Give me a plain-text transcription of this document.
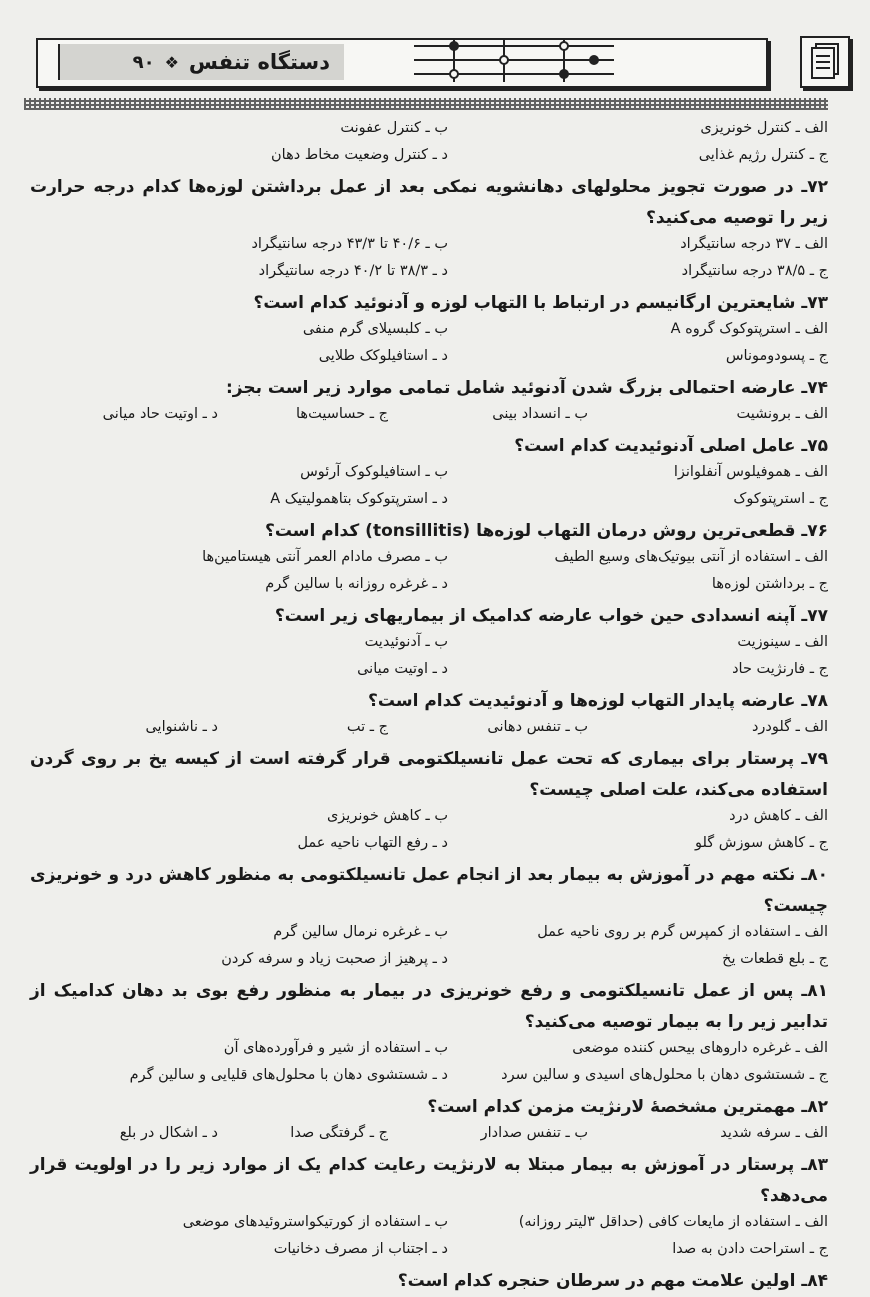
دستگاه تنفس
❖
۹۰
الف ـ کنترل خونریزی
ب ـ کنترل عفونت
ج ـ کنترل رژیم غذایی
د ـ کنترل وضعیت مخاط دهان

۷۲ـ در صورت تجویز محلولهای دهانشویه نمکی بعد از عمل برداشتن لوزه‌ها کدام درجه حرارت زیر را توصیه می‌کنید؟

الف ـ ۳۷ درجه سانتیگراد
ب ـ ۴۰/۶ تا ۴۳/۳ درجه سانتیگراد
ج ـ ۳۸/۵ درجه سانتیگراد
د ـ ۳۸/۳ تا ۴۰/۲ درجه سانتیگراد

۷۳ـ شایعترین ارگانیسم در ارتباط با التهاب لوزه و آدنوئید کدام است؟

الف ـ استرپتوکوک گروه A
ب ـ کلبسیلای گرم منفی
ج ـ پسودوموناس
د ـ استافیلوکک طلایی

۷۴ـ عارضه احتمالی بزرگ شدن آدنوئید شامل تمامی موارد زیر است بجز:

الف ـ برونشیت
ب ـ انسداد بینی
ج ـ حساسیت‌ها
د ـ اوتیت حاد میانی

۷۵ـ عامل اصلی آدنوئیدیت کدام است؟

الف ـ هموفیلوس آنفلوانزا
ب ـ استافیلوکوک آرئوس
ج ـ استرپتوکوک
د ـ استرپتوکوک بتاهمولیتیک A

۷۶ـ قطعی‌ترین روش درمان التهاب لوزه‌ها (tonsillitis) کدام است؟

الف ـ استفاده از آنتی بیوتیک‌های وسیع الطیف
ب ـ مصرف مادام العمر آنتی هیستامین‌ها
ج ـ برداشتن لوزه‌ها
د ـ غرغره روزانه با سالین گرم

۷۷ـ آپنه انسدادی حین خواب عارضه کدامیک از بیماریهای زیر است؟

الف ـ سینوزیت
ب ـ آدنوئیدیت
ج ـ فارنژیت حاد
د ـ اوتیت میانی

۷۸ـ عارضه پایدار التهاب لوزه‌ها و آدنوئیدیت کدام است؟

الف ـ گلودرد
ب ـ تنفس دهانی
ج ـ تب
د ـ ناشنوایی

۷۹ـ پرستار برای بیماری که تحت عمل تانسیلکتومی قرار گرفته است از کیسه یخ بر روی گردن استفاده می‌کند، علت اصلی چیست؟

الف ـ کاهش درد
ب ـ کاهش خونریزی
ج ـ کاهش سوزش گلو
د ـ رفع التهاب ناحیه عمل

۸۰ـ نکته مهم در آموزش به بیمار بعد از انجام عمل تانسیلکتومی به منظور کاهش درد و خونریزی چیست؟

الف ـ استفاده از کمپرس گرم بر روی ناحیه عمل
ب ـ غرغره نرمال سالین گرم
ج ـ بلع قطعات یخ
د ـ پرهیز از صحبت زیاد و سرفه کردن

۸۱ـ پس از عمل تانسیلکتومی و رفع خونریزی در بیمار به منظور رفع بوی بد دهان کدامیک از تدابیر زیر را به بیمار توصیه می‌کنید؟

الف ـ غرغره داروهای بیحس کننده موضعی
ب ـ استفاده از شیر و فرآورده‌های آن
ج ـ شستشوی دهان با محلول‌های اسیدی و سالین سرد
د ـ شستشوی دهان با محلول‌های قلیایی و سالین گرم

۸۲ـ مهمترین مشخصهٔ لارنژیت مزمن کدام است؟

الف ـ سرفه شدید
ب ـ تنفس صدادار
ج ـ گرفتگی صدا
د ـ اشکال در بلع

۸۳ـ پرستار در آموزش به بیمار مبتلا به لارنژیت رعایت کدام یک از موارد زیر را در اولویت قرار می‌دهد؟

الف ـ استفاده از مایعات کافی (حداقل ۳لیتر روزانه)
ب ـ استفاده از کورتیکواستروئیدهای موضعی
ج ـ استراحت دادن به صدا
د ـ اجتناب از مصرف دخانیات

۸۴ـ اولین علامت مهم در سرطان حنجره کدام است؟
